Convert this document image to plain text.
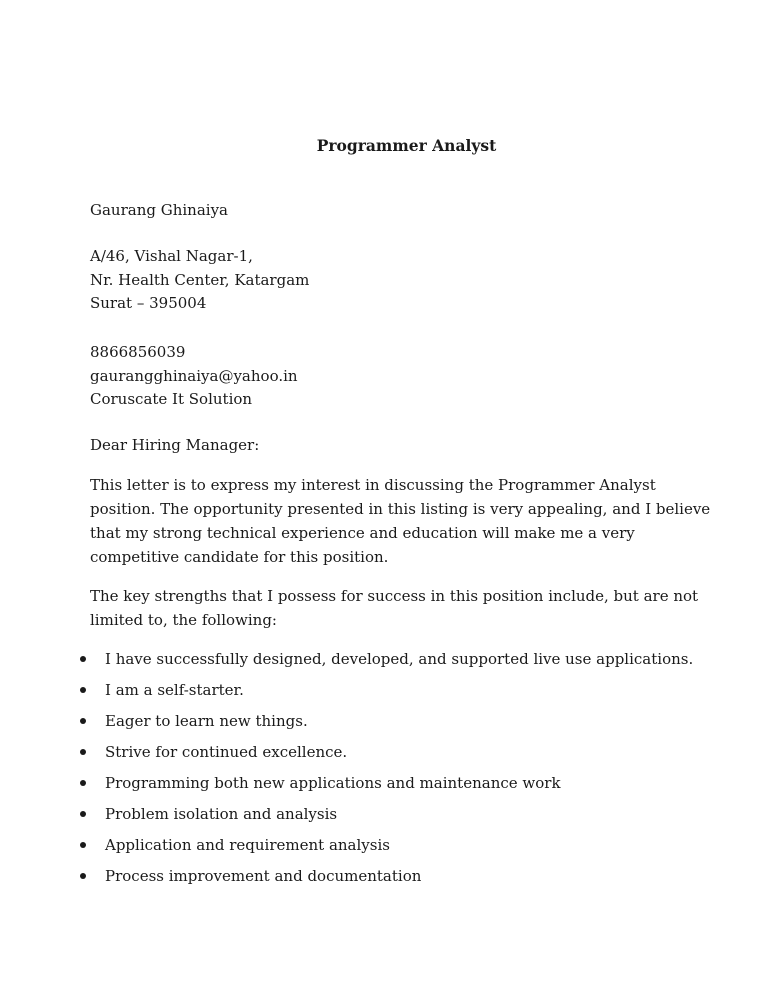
Programmer Analyst
Gaurang Ghinaiya
A/46, Vishal Nagar-1,
Nr. Health Center, Katargam
Surat – 395004
8866856039
gaurangghinaiya@yahoo.in
Coruscate It Solution
Dear Hiring Manager:
This letter is to express my interest in discussing the Programmer Analyst
position. The opportunity presented in this listing is very appealing, and I believe
that my strong technical experience and education will make me a very
competitive candidate for this position.
The key strengths that I possess for success in this position include, but are not
limited to, the following:
I have successfully designed, developed, and supported live use applications.
I am a self-starter.
Eager to learn new things.
Strive for continued excellence.
Programming both new applications and maintenance work
Problem isolation and analysis
Application and requirement analysis
Process improvement and documentation
